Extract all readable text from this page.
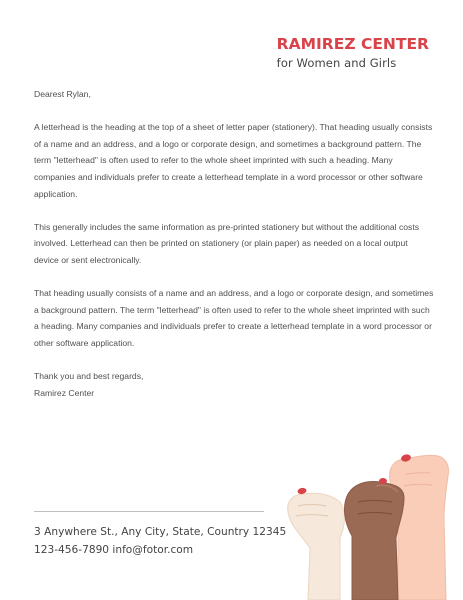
RAMIREZ CENTER
for Women and Girls

Dearest Rylan,

A letterhead is the heading at the top of a sheet of letter paper (stationery). That heading usually consists of a name and an address, and a logo or corporate design, and sometimes a background pattern. The term "letterhead" is often used to refer to the whole sheet imprinted with such a heading. Many companies and individuals prefer to create a letterhead template in a word processor or other software application.

This generally includes the same information as pre-printed stationery but without the additional costs involved. Letterhead can then be printed on stationery (or plain paper) as needed on a local output device or sent electronically.

That heading usually consists of a name and an address, and a logo or corporate design, and sometimes a background pattern. The term "letterhead" is often used to refer to the whole sheet imprinted with such a heading. Many companies and individuals prefer to create a letterhead template in a word processor or other software application.

Thank you and best regards,
Ramirez Center
3 Anywhere St., Any City, State, Country 12345
123-456-7890 info@fotor.com
